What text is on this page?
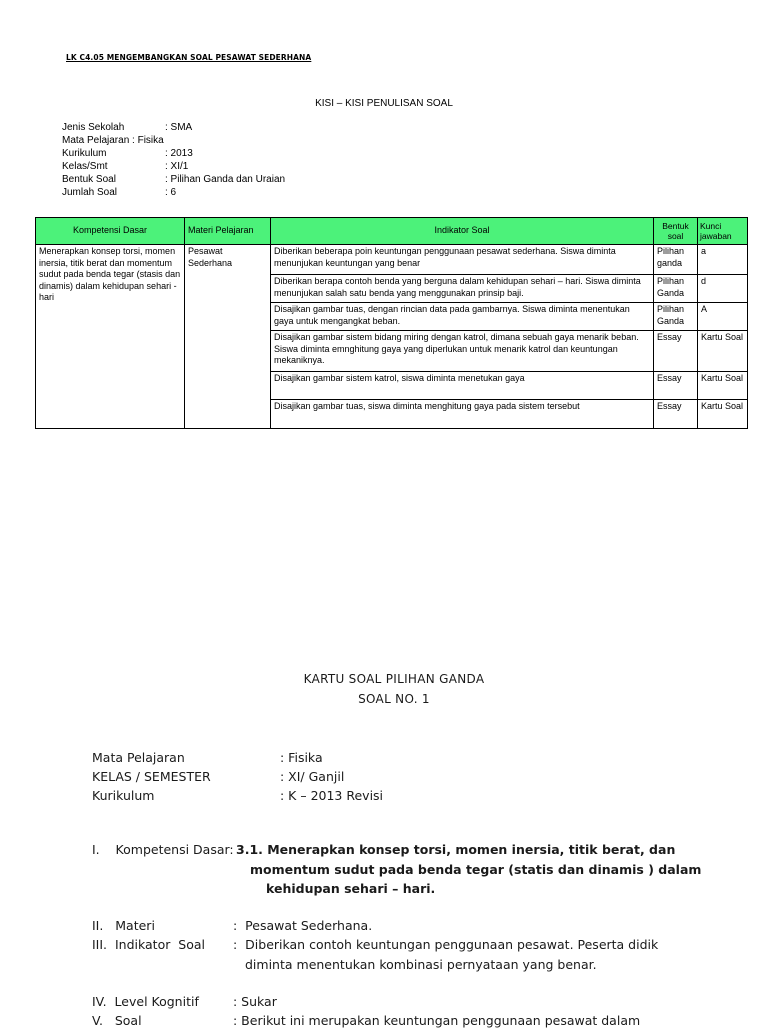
LK C4.05 MENGEMBANGKAN SOAL PESAWAT SEDERHANA
KISI – KISI PENULISAN SOAL
Jenis Sekolah	: SMA
Mata Pelajaran : Fisika
Kurikulum	: 2013
Kelas/Smt	: XI/1
Bentuk Soal	: Pilihan Ganda dan Uraian
Jumlah Soal	: 6
Kompetensi Dasar	Materi Pelajaran	Indikator Soal	Bentuk soal	Kunci jawaban
Menerapkan konsep torsi, momen inersia, titik berat dan momentum sudut pada benda tegar (stasis dan dinamis) dalam kehidupan sehari - hari	Pesawat Sederhana	Diberikan beberapa poin keuntungan penggunaan pesawat sederhana. Siswa diminta menunjukan keuntungan yang benar	Pilihan ganda	a
		Diberikan berapa contoh benda yang berguna dalam kehidupan sehari – hari. Siswa diminta menunjukan salah satu benda yang menggunakan prinsip baji.	Pilihan Ganda	d
		Disajikan gambar tuas, dengan rincian data pada gambarnya. Siswa diminta menentukan gaya untuk mengangkat beban.	Pilihan Ganda	A
		Disajikan gambar sistem bidang miring dengan katrol, dimana sebuah gaya menarik beban. Siswa diminta emnghitung gaya yang diperlukan untuk menarik katrol dan keuntungan mekaniknya.	Essay	Kartu Soal
		Disajikan gambar sistem katrol, siswa diminta menetukan gaya	Essay	Kartu Soal
		Disajikan gambar tuas, siswa diminta menghitung gaya pada sistem tersebut	Essay	Kartu Soal
KARTU SOAL PILIHAN GANDA
SOAL NO. 1
Mata Pelajaran	: Fisika
KELAS / SEMESTER	: XI/ Ganjil
Kurikulum	: K – 2013 Revisi
I.    Kompetensi Dasar: 3.1. Menerapkan konsep torsi, momen inersia, titik berat, dan
momentum sudut pada benda tegar (statis dan dinamis ) dalam
kehidupan sehari – hari.
II.   Materi	:  Pesawat Sederhana.
III.  Indikator  Soal :  Diberikan contoh keuntungan penggunaan pesawat. Peserta didik
diminta menentukan kombinasi pernyataan yang benar.
IV.  Level Kognitif	: Sukar
V.   Soal	: Berikut ini merupakan keuntungan penggunaan pesawat dalam
